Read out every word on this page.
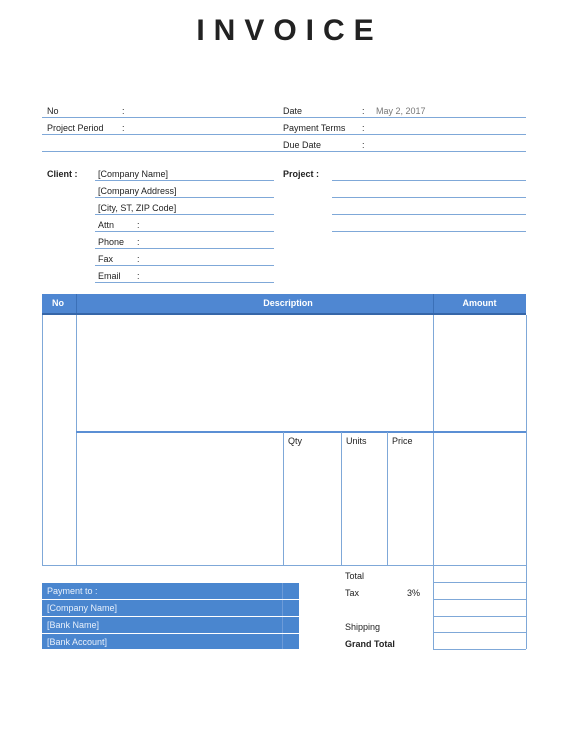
INVOICE
No	:
Project Period :
Date	: May 2, 2017
Payment Terms :
Due Date	:
Client : [Company Name]
[Company Address]
[City, ST, ZIP Code]
Attn	:
Phone :
Fax	:
Email :
Project :
No	Description	Amount
Qty	Units	Price
Total
Tax	3%
Shipping
Grand Total
Payment to :
[Company Name]
[Bank Name]
[Bank Account]
